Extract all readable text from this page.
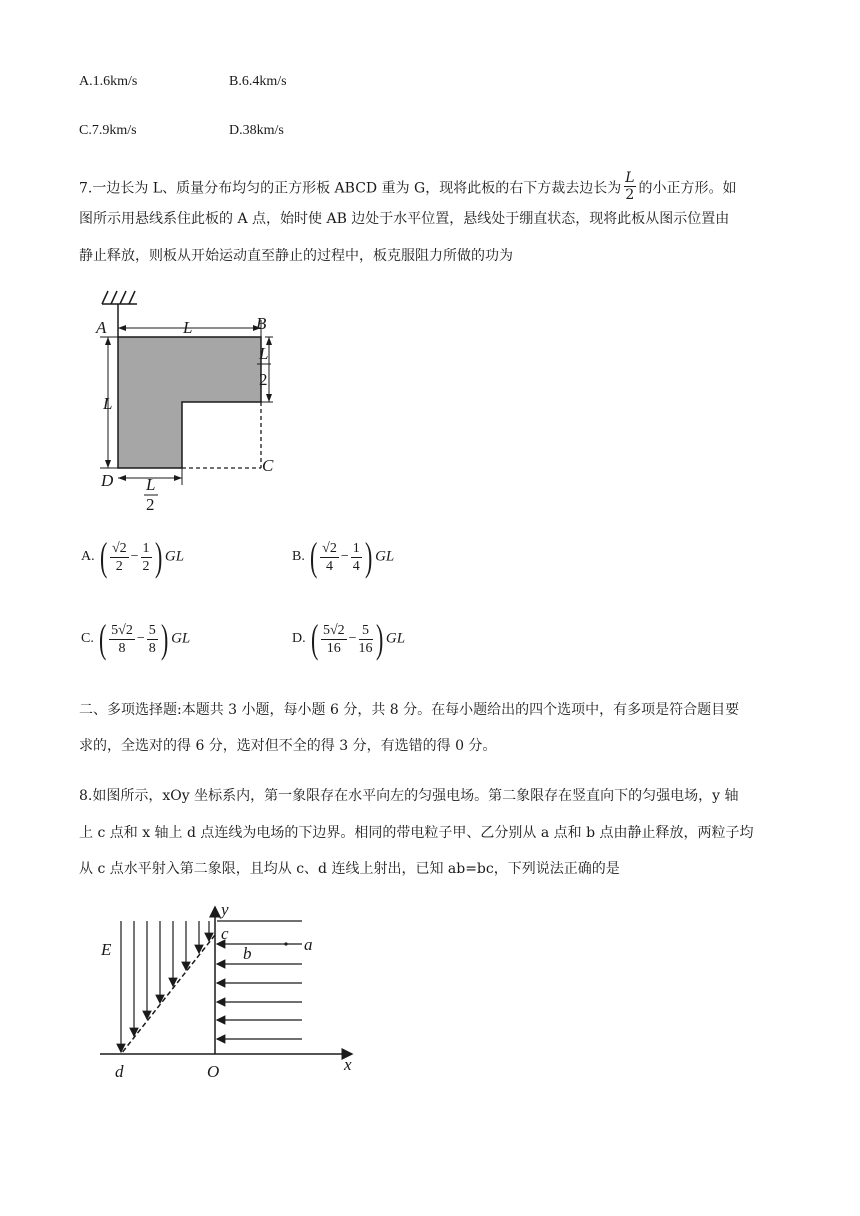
A.1.6km/s	B.6.4km/s
C.7.9km/s	D.38km/s
7.一边长为 L、质量分布均匀的正方形板 ABCD 重为 G，现将此板的右下方裁去边长为 $\frac{L}{2}$ 的小正方形。如
图所示用悬线系住此板的 A 点，始时使 AB 边处于水平位置，悬线处于绷直状态，现将此板从图示位置由
静止释放，则板从开始运动直至静止的过程中，板克服阻力所做的功为
A	B
C
D
L
L
L
2
L
2
A. ( $\frac{√2}{2} - \frac{1}{2}$ ) GL	B. ( $\frac{√2}{4} - \frac{1}{4}$ ) GL
C. ( $\frac{5√2}{8} - \frac{5}{8}$ ) GL	D. ( $\frac{5√2}{16} - \frac{5}{16}$ ) GL
二、多项选择题:本题共 3 小题，每小题 6 分，共 8 分。在每小题给出的四个选项中，有多项是符合题目要
求的，全选对的得 6 分，选对但不全的得 3 分，有选错的得 0 分。
8.如图所示，xOy 坐标系内，第一象限存在水平向左的匀强电场。第二象限存在竖直向下的匀强电场，y 轴
上 c 点和 x 轴上 d 点连线为电场的下边界。相同的带电粒子甲、乙分别从 a 点和 b 点由静止释放，两粒子均
从 c 点水平射入第二象限，且均从 c、d 连线上射出，已知 ab=bc，下列说法正确的是
y
x
c
a
b
E
d	O
